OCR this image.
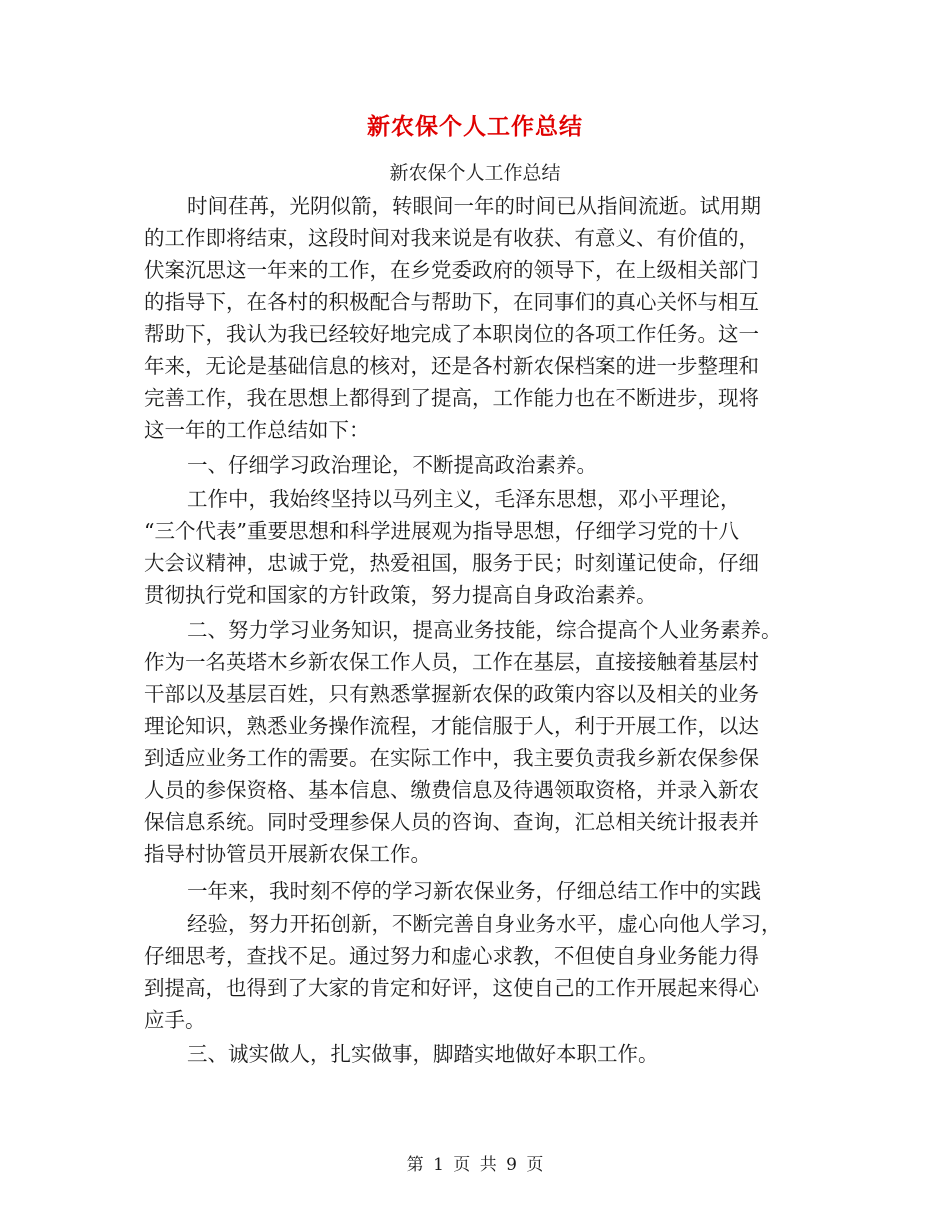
新农保个人工作总结
新农保个人工作总结
时间荏苒，光阴似箭，转眼间一年的时间已从指间流逝。试用期
的工作即将结束，这段时间对我来说是有收获、有意义、有价值的，
伏案沉思这一年来的工作，在乡党委政府的领导下，在上级相关部门
的指导下，在各村的积极配合与帮助下，在同事们的真心关怀与相互
帮助下，我认为我已经较好地完成了本职岗位的各项工作任务。这一
年来，无论是基础信息的核对，还是各村新农保档案的进一步整理和
完善工作，我在思想上都得到了提高，工作能力也在不断进步，现将
这一年的工作总结如下：
一、仔细学习政治理论，不断提高政治素养。
工作中，我始终坚持以马列主义，毛泽东思想，邓小平理论，
“三个代表”重要思想和科学进展观为指导思想，仔细学习党的十八
大会议精神，忠诚于党，热爱祖国，服务于民；时刻谨记使命，仔细
贯彻执行党和国家的方针政策，努力提高自身政治素养。
二、努力学习业务知识，提高业务技能，综合提高个人业务素养。
作为一名英塔木乡新农保工作人员，工作在基层，直接接触着基层村
干部以及基层百姓，只有熟悉掌握新农保的政策内容以及相关的业务
理论知识，熟悉业务操作流程，才能信服于人，利于开展工作，以达
到适应业务工作的需要。在实际工作中，我主要负责我乡新农保参保
人员的参保资格、基本信息、缴费信息及待遇领取资格，并录入新农
保信息系统。同时受理参保人员的咨询、查询，汇总相关统计报表并
指导村协管员开展新农保工作。
一年来，我时刻不停的学习新农保业务，仔细总结工作中的实践
经验，努力开拓创新，不断完善自身业务水平，虚心向他人学习，
仔细思考，查找不足。通过努力和虚心求教，不但使自身业务能力得
到提高，也得到了大家的肯定和好评，这使自己的工作开展起来得心
应手。
三、诚实做人，扎实做事，脚踏实地做好本职工作。
第 1 页 共 9 页
